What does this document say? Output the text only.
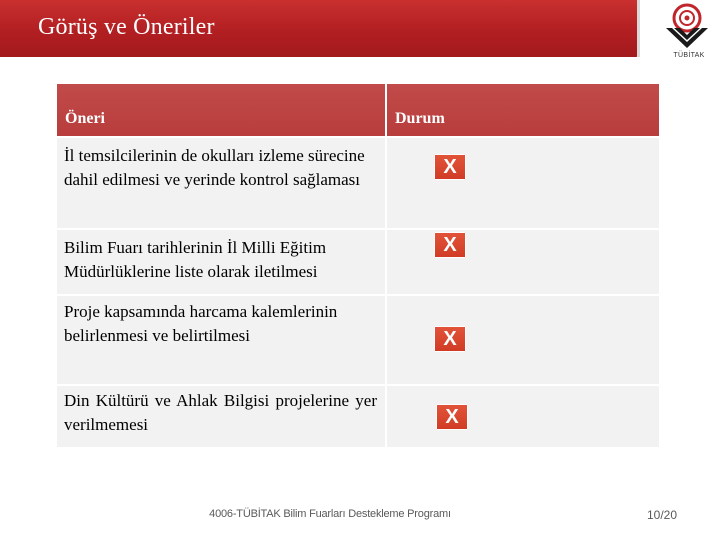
Görüş ve Öneriler
TÜBİTAK
Öneri	Durum

İl temsilcilerinin de okulları izleme sürecine dahil edilmesi ve yerinde kontrol sağlaması	X

Bilim Fuarı tarihlerinin İl Milli Eğitim Müdürlüklerine liste olarak iletilmesi	X

Proje kapsamında harcama kalemlerinin belirlenmesi ve belirtilmesi	X

Din Kültürü ve Ahlak Bilgisi projelerine yer verilmemesi	X
4006-TÜBİTAK Bilim Fuarları Destekleme Programı	10/20
